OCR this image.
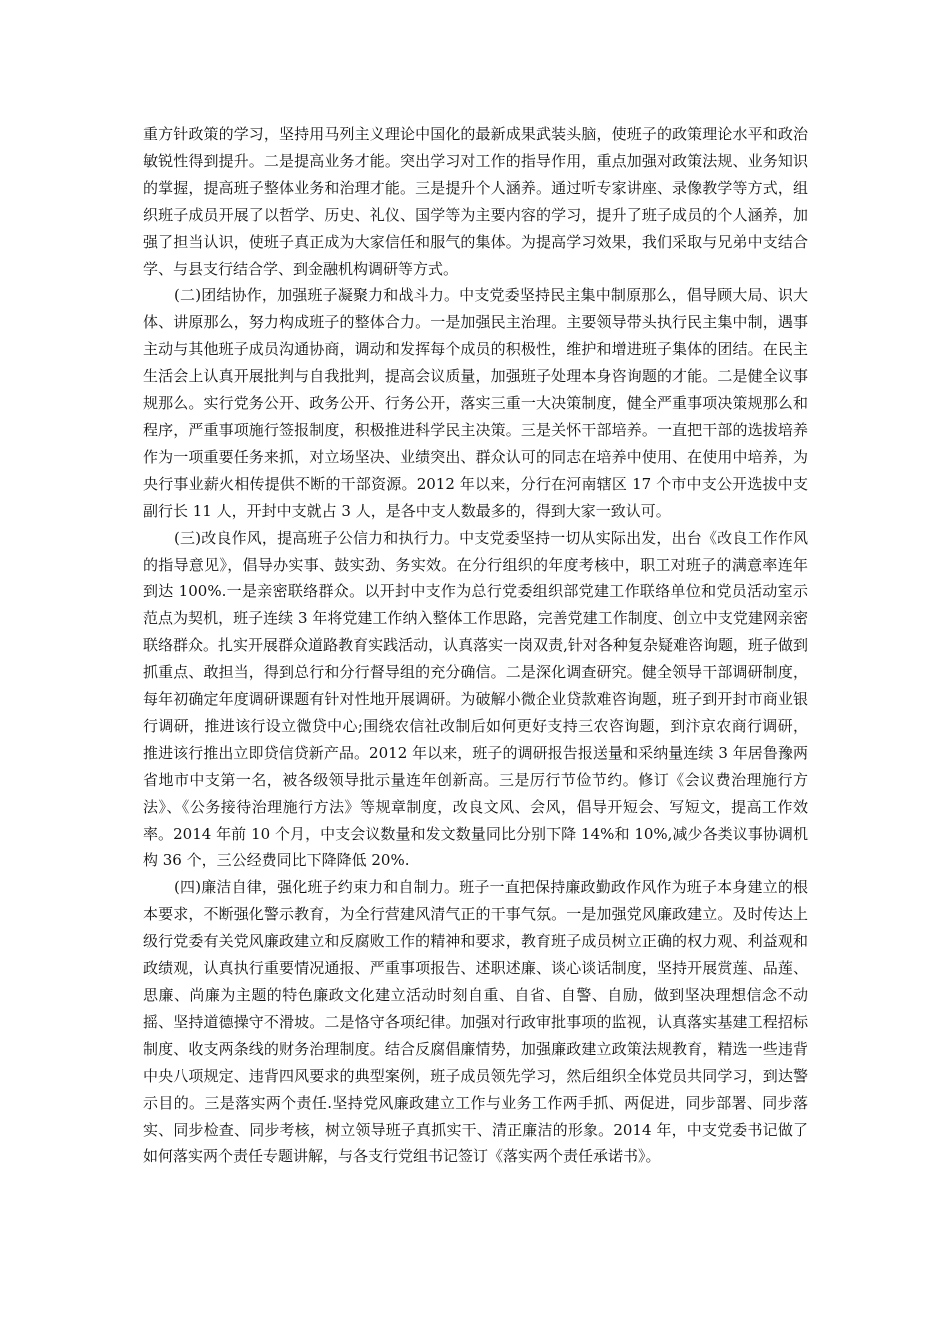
重方针政策的学习，坚持用马列主义理论中国化的最新成果武装头脑，使班子的政策理论水平和政治敏锐性得到提升。二是提高业务才能。突出学习对工作的指导作用，重点加强对政策法规、业务知识的掌握，提高班子整体业务和治理才能。三是提升个人涵养。通过听专家讲座、录像教学等方式，组织班子成员开展了以哲学、历史、礼仪、国学等为主要内容的学习，提升了班子成员的个人涵养，加强了担当认识，使班子真正成为大家信任和服气的集体。为提高学习效果，我们采取与兄弟中支结合学、与县支行结合学、到金融机构调研等方式。

(二)团结协作，加强班子凝聚力和战斗力。中支党委坚持民主集中制原那么，倡导顾大局、识大体、讲原那么，努力构成班子的整体合力。一是加强民主治理。主要领导带头执行民主集中制，遇事主动与其他班子成员沟通协商，调动和发挥每个成员的积极性，维护和增进班子集体的团结。在民主生活会上认真开展批判与自我批判，提高会议质量，加强班子处理本身咨询题的才能。二是健全议事规那么。实行党务公开、政务公开、行务公开，落实三重一大决策制度，健全严重事项决策规那么和程序，严重事项施行签报制度，积极推进科学民主决策。三是关怀干部培养。一直把干部的选拔培养作为一项重要任务来抓，对立场坚决、业绩突出、群众认可的同志在培养中使用、在使用中培养，为央行事业薪火相传提供不断的干部资源。2012 年以来，分行在河南辖区 17 个市中支公开选拔中支副行长 11 人，开封中支就占 3 人，是各中支人数最多的，得到大家一致认可。

(三)改良作风，提高班子公信力和执行力。中支党委坚持一切从实际出发，出台《改良工作作风的指导意见》，倡导办实事、鼓实劲、务实效。在分行组织的年度考核中，职工对班子的满意率连年到达 100%.一是亲密联络群众。以开封中支作为总行党委组织部党建工作联络单位和党员活动室示范点为契机，班子连续 3 年将党建工作纳入整体工作思路，完善党建工作制度、创立中支党建网亲密联络群众。扎实开展群众道路教育实践活动，认真落实一岗双责,针对各种复杂疑难咨询题，班子做到抓重点、敢担当，得到总行和分行督导组的充分确信。二是深化调查研究。健全领导干部调研制度，每年初确定年度调研课题有针对性地开展调研。为破解小微企业贷款难咨询题，班子到开封市商业银行调研，推进该行设立微贷中心;围绕农信社改制后如何更好支持三农咨询题，到汴京农商行调研，推进该行推出立即贷信贷新产品。2012 年以来，班子的调研报告报送量和采纳量连续 3 年居鲁豫两省地市中支第一名，被各级领导批示量连年创新高。三是厉行节俭节约。修订《会议费治理施行方法》、《公务接待治理施行方法》等规章制度，改良文风、会风，倡导开短会、写短文，提高工作效率。2014 年前 10 个月，中支会议数量和发文数量同比分别下降 14%和 10%,减少各类议事协调机构 36 个，三公经费同比下降降低 20%.

(四)廉洁自律，强化班子约束力和自制力。班子一直把保持廉政勤政作风作为班子本身建立的根本要求，不断强化警示教育，为全行营建风清气正的干事气氛。一是加强党风廉政建立。及时传达上级行党委有关党风廉政建立和反腐败工作的精神和要求，教育班子成员树立正确的权力观、利益观和政绩观，认真执行重要情况通报、严重事项报告、述职述廉、谈心谈话制度，坚持开展赏莲、品莲、思廉、尚廉为主题的特色廉政文化建立活动时刻自重、自省、自警、自励，做到坚决理想信念不动摇、坚持道德操守不滑坡。二是恪守各项纪律。加强对行政审批事项的监视，认真落实基建工程招标制度、收支两条线的财务治理制度。结合反腐倡廉情势，加强廉政建立政策法规教育，精选一些违背中央八项规定、违背四风要求的典型案例，班子成员领先学习，然后组织全体党员共同学习，到达警示目的。三是落实两个责任.坚持党风廉政建立工作与业务工作两手抓、两促进，同步部署、同步落实、同步检查、同步考核，树立领导班子真抓实干、清正廉洁的形象。2014 年，中支党委书记做了如何落实两个责任专题讲解，与各支行党组书记签订《落实两个责任承诺书》。
